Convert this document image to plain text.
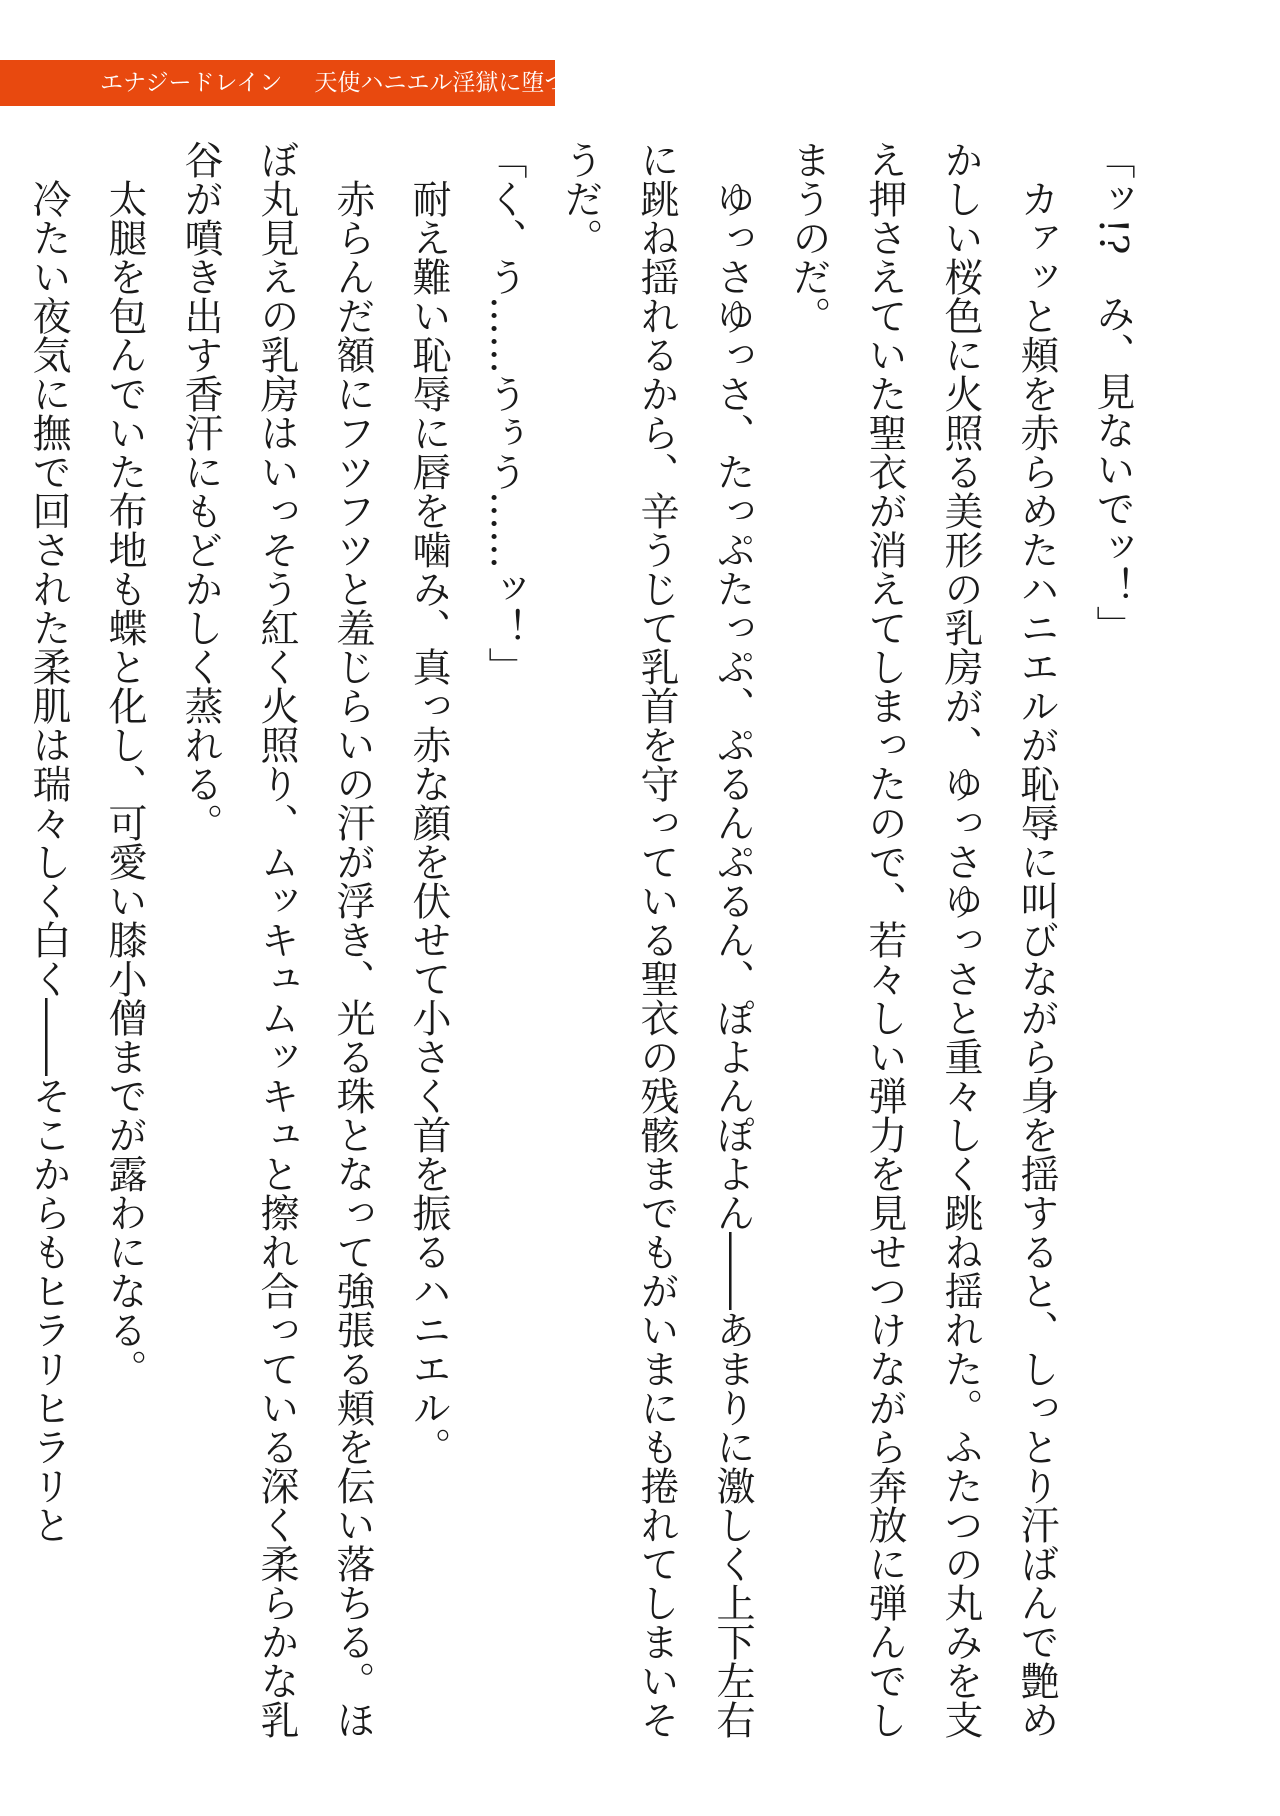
エナジードレイン 天使ハニエル淫獄に堕つ

「ッ!?　み、見ないでッ！」

カァッと頬を赤らめたハニエルが恥辱に叫びながら身を揺すると、しっとり汗ばんで艶めかしい桜色に火照る美形の乳房が、ゆっさゆっさと重々しく跳ね揺れた。ふたつの丸みを支え押さえていた聖衣が消えてしまったので、若々しい弾力を見せつけながら奔放に弾んでしまうのだ。

ゆっさゆっさ、たっぷたっぷ、ぷるんぷるん、ぽよんぽよん――あまりに激しく上下左右に跳ね揺れるから、辛うじて乳首を守っている聖衣の残骸までもがいまにも捲れてしまいそうだ。

「く、う……うぅう……ッ！」

耐え難い恥辱に唇を噛み、真っ赤な顔を伏せて小さく首を振るハニエル。

赤らんだ額にフツフツと羞じらいの汗が浮き、光る珠となって強張る頬を伝い落ちる。ほぼ丸見えの乳房はいっそう紅く火照り、ムッキュムッキュと擦れ合っている深く柔らかな乳谷が噴き出す香汗にもどかしく蒸れる。

太腿を包んでいた布地も蝶と化し、可愛い膝小僧までが露わになる。

冷たい夜気に撫で回された柔肌は瑞々しく白く――そこからもヒラリヒラリと
